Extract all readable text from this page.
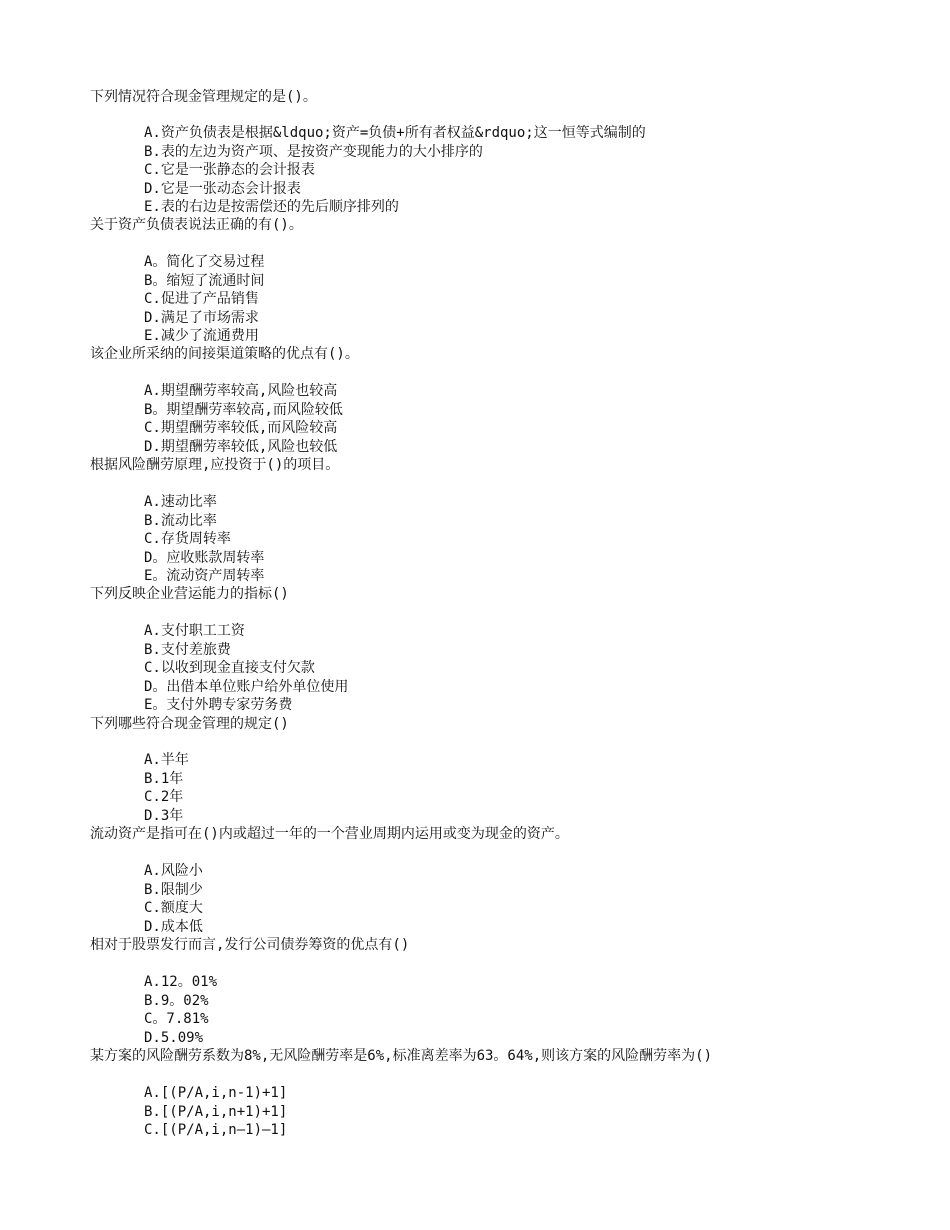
下列情况符合现金管理规定的是()。
A.资产负债表是根据&ldquo;资产=负债+所有者权益&rdquo;这一恒等式编制的
B.表的左边为资产项、是按资产变现能力的大小排序的
C.它是一张静态的会计报表
D.它是一张动态会计报表
E.表的右边是按需偿还的先后顺序排列的
关于资产负债表说法正确的有()。
A。简化了交易过程
B。缩短了流通时间
C.促进了产品销售
D.满足了市场需求
E.减少了流通费用
该企业所采纳的间接渠道策略的优点有()。
A.期望酬劳率较高,风险也较高
B。期望酬劳率较高,而风险较低
C.期望酬劳率较低,而风险较高
D.期望酬劳率较低,风险也较低
根据风险酬劳原理,应投资于()的项目。
A.速动比率
B.流动比率
C.存货周转率
D。应收账款周转率
E。流动资产周转率
下列反映企业营运能力的指标()
A.支付职工工资
B.支付差旅费
C.以收到现金直接支付欠款
D。出借本单位账户给外单位使用
E。支付外聘专家劳务费
下列哪些符合现金管理的规定()
A.半年
B.1年
C.2年
D.3年
流动资产是指可在()内或超过一年的一个营业周期内运用或变为现金的资产。
A.风险小
B.限制少
C.额度大
D.成本低
相对于股票发行而言,发行公司债券筹资的优点有()
A.12。01%
B.9。02%
C。7.81%
D.5.09%
某方案的风险酬劳系数为8%,无风险酬劳率是6%,标准离差率为63。64%,则该方案的风险酬劳率为()
A.[(P/A,i,n-1)+1]
B.[(P/A,i,n+1)+1]
C.[(P/A,i,n—1)—1]
